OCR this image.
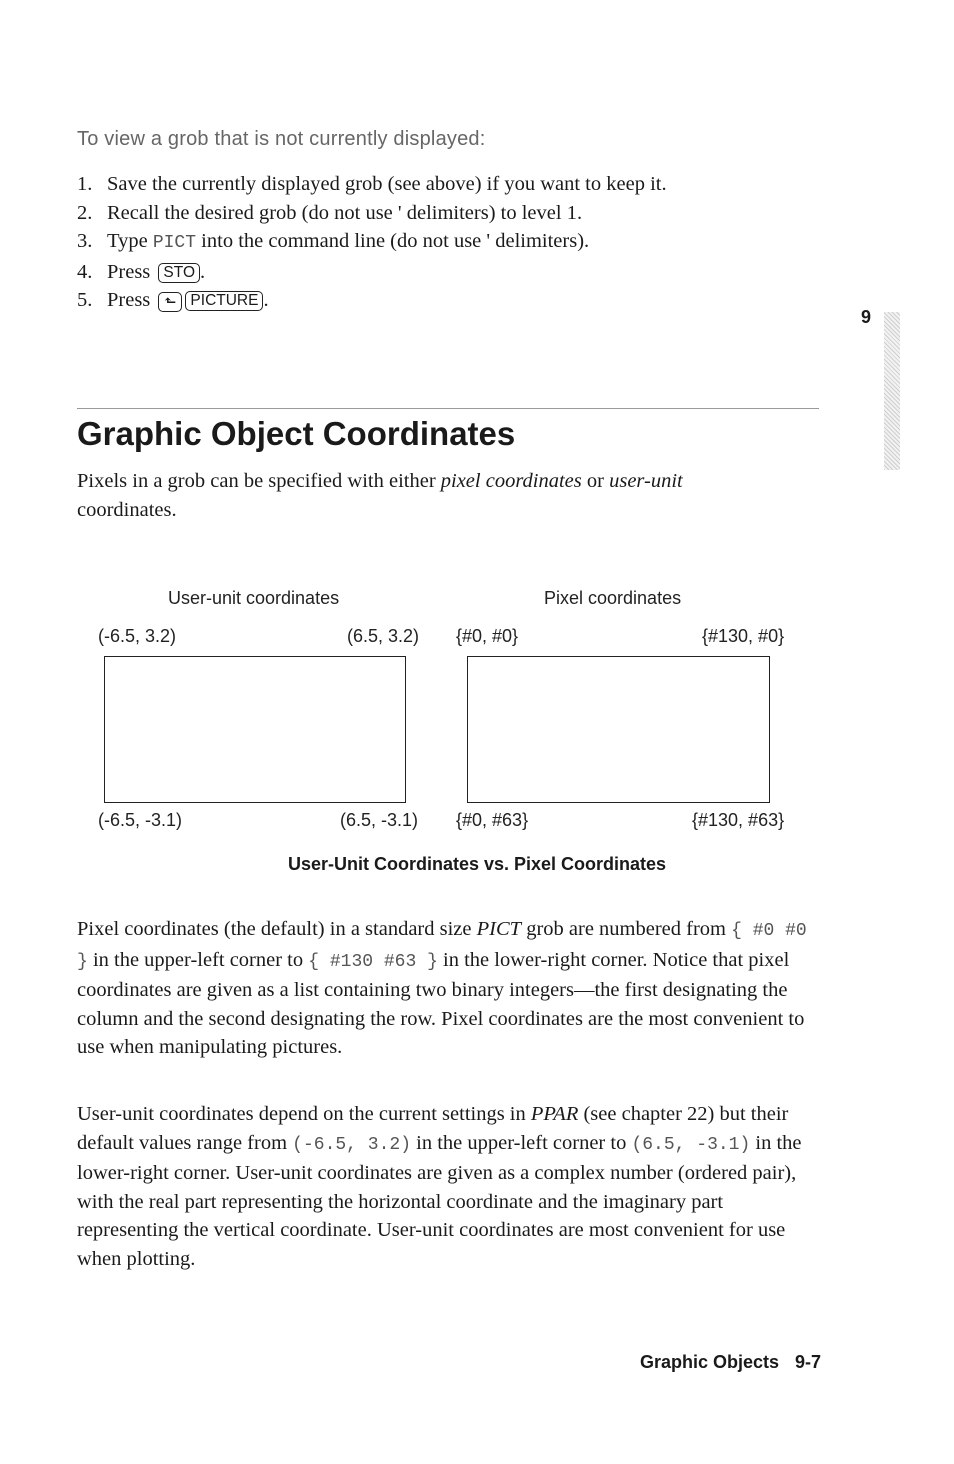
To view a grob that is not currently displayed:
1. Save the currently displayed grob (see above) if you want to keep it.
2. Recall the desired grob (do not use ' delimiters) to level 1.
3. Type PICT into the command line (do not use ' delimiters).
4. Press STO .
5. Press ⬑ PICTURE .
9
Graphic Object Coordinates
Pixels in a grob can be specified with either pixel coordinates or user-unit coordinates.
User-unit coordinates	Pixel coordinates
(-6.5, 3.2)	(6.5, 3.2) {#0, #0}	{#130, #0}
(-6.5, -3.1)	(6.5, -3.1) {#0, #63}	{#130, #63}
User-Unit Coordinates vs. Pixel Coordinates
Pixel coordinates (the default) in a standard size PICT grob are numbered from { #0 #0 } in the upper-left corner to { #130 #63 } in the lower-right corner. Notice that pixel coordinates are given as a list containing two binary integers—the first designating the column and the second designating the row. Pixel coordinates are the most convenient to use when manipulating pictures.
User-unit coordinates depend on the current settings in PPAR (see chapter 22) but their default values range from (-6.5, 3.2) in the upper-left corner to (6.5, -3.1) in the lower-right corner. User-unit coordinates are given as a complex number (ordered pair), with the real part representing the horizontal coordinate and the imaginary part representing the vertical coordinate. User-unit coordinates are most convenient for use when plotting.
Graphic Objects 9-7
